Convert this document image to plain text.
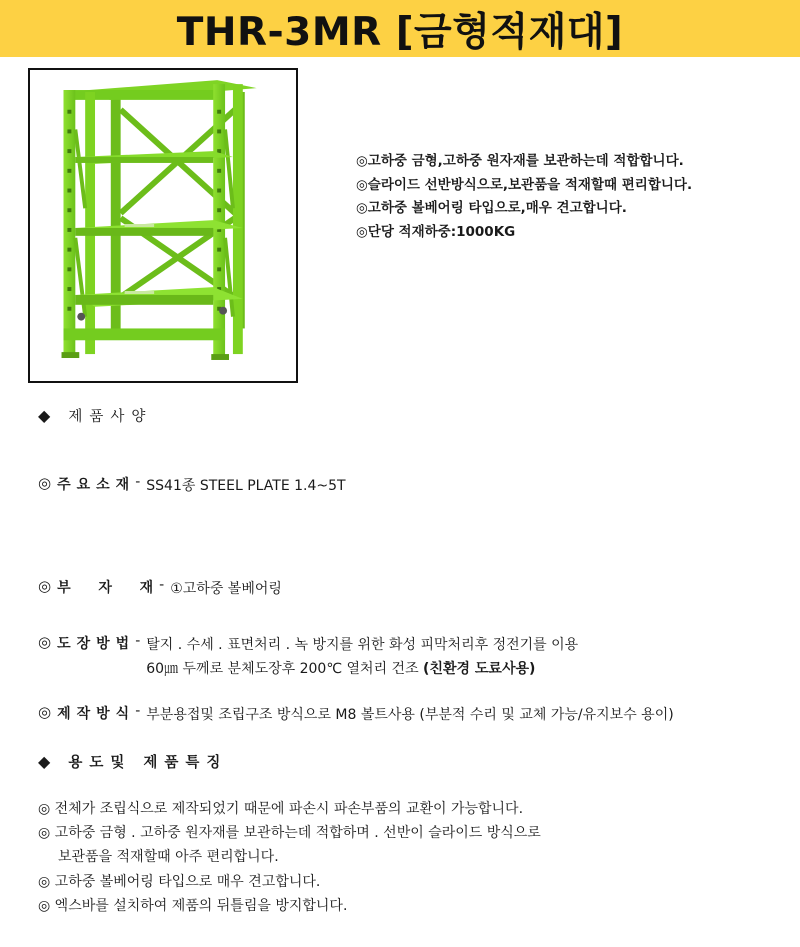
THR-3MR [금형적재대]
◎고하중 금형,고하중 원자재를 보관하는데 적합합니다.
◎슬라이드 선반방식으로,보관품을 적재할때 편리합니다.
◎고하중 볼베어링 타입으로,매우 견고합니다.
◎단당 적재하중:1000KG
◆ 제품사양
◎ 주요소재 - SS41종 STEEL PLATE 1.4~5T
◎ 부  자  재 - ①고하중 볼베어링
◎ 도장방법 - 탈지 . 수세 . 표면처리 . 녹 방지를 위한 화성 피막처리후 정전기를 이용
60㎛ 두께로 분체도장후 200℃ 열처리 건조 (친환경 도료사용)
◎ 제작방식 - 부분용접및 조립구조 방식으로 M8 볼트사용 (부분적 수리 및 교체 가능/유지보수 용이)
◆ 용도및 제품특징
◎ 전체가 조립식으로 제작되었기 때문에 파손시 파손부품의 교환이 가능합니다.
◎ 고하중 금형 . 고하중 원자재를 보관하는데 적합하며 . 선반이 슬라이드 방식으로
보관품을 적재할때 아주 편리합니다.
◎ 고하중 볼베어링 타입으로 매우 견고합니다.
◎ 엑스바를 설치하여 제품의 뒤틀림을 방지합니다.
